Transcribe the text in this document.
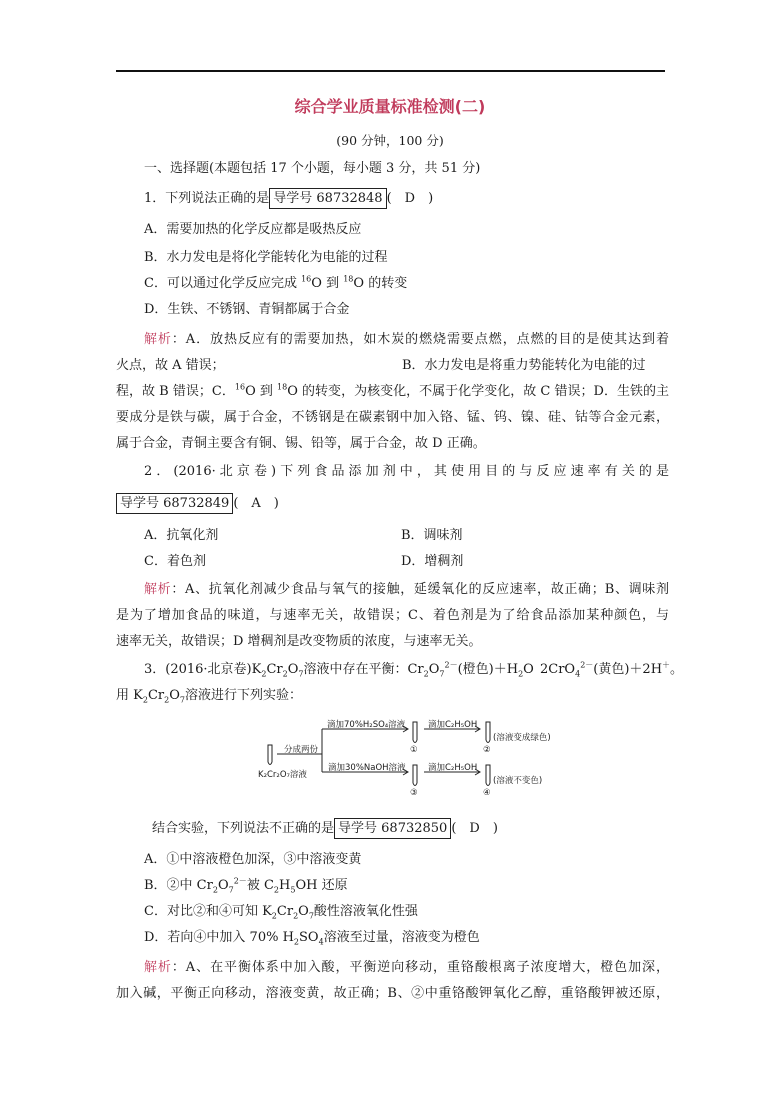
综合学业质量标准检测(二)
(90 分钟，100 分)
一、选择题(本题包括 17 个小题，每小题 3 分，共 51 分)
1．下列说法正确的是 导学号 68732848 (　D　)
A．需要加热的化学反应都是吸热反应
B．水力发电是将化学能转化为电能的过程
C．可以通过化学反应完成 $^{16}$O 到 $^{18}$O 的转变
D．生铁、不锈钢、青铜都属于合金
解析：A．放热反应有的需要加热，如木炭的燃烧需要点燃，点燃的目的是使其达到着
火点，故 A 错误；	B．水力发电是将重力势能转化为电能的过
程，故 B 错误；C．$^{16}$O 到 $^{18}$O 的转变，为核变化，不属于化学变化，故 C 错误；D．生铁的主
要成分是铁与碳，属于合金，不锈钢是在碳素钢中加入铬、锰、钨、镍、硅、钴等合金元素，
属于合金，青铜主要含有铜、锡、铅等，属于合金，故 D 正确。
2．(2016·北京卷)下列食品添加剂中，其使用目的与反应速率有关的是
导学号 68732849 (　A　)
A．抗氧化剂	B．调味剂
C．着色剂	D．增稠剂
解析：A、抗氧化剂减少食品与氧气的接触，延缓氧化的反应速率，故正确；B、调味剂
是为了增加食品的味道，与速率无关，故错误；C、着色剂是为了给食品添加某种颜色，与
速率无关，故错误；D 增稠剂是改变物质的浓度，与速率无关。
3．(2016·北京卷)$K_2Cr_2O_7$溶液中存在平衡：$Cr_2O_7^{2-}$(橙色)$+H_2O$ 2CrO$_4^{2-}$(黄色)＋2H＋。
用 $K_2Cr_2O_7$溶液进行下列实验：
滴加70%H₂SO₄溶液
分成两份
滴加30%NaOH溶液
K₂Cr₂O₇溶液
滴加C₂H₅OH
滴加C₂H₅OH
(溶液变成绿色)
(溶液不变色)
①	②
③	④
结合实验，下列说法不正确的是 导学号 68732850 (　D　)
A．①中溶液橙色加深，③中溶液变黄
B．②中 $Cr_2O_7^{2-}$被 $C_2H_5OH$ 还原
C．对比②和④可知 $K_2Cr_2O_7$酸性溶液氧化性强
D．若向④中加入 70% $H_2SO_4$溶液至过量，溶液变为橙色
解析：A、在平衡体系中加入酸，平衡逆向移动，重铬酸根离子浓度增大，橙色加深，
加入碱，平衡正向移动，溶液变黄，故正确；B、②中重铬酸钾氧化乙醇，重铬酸钾被还原，
